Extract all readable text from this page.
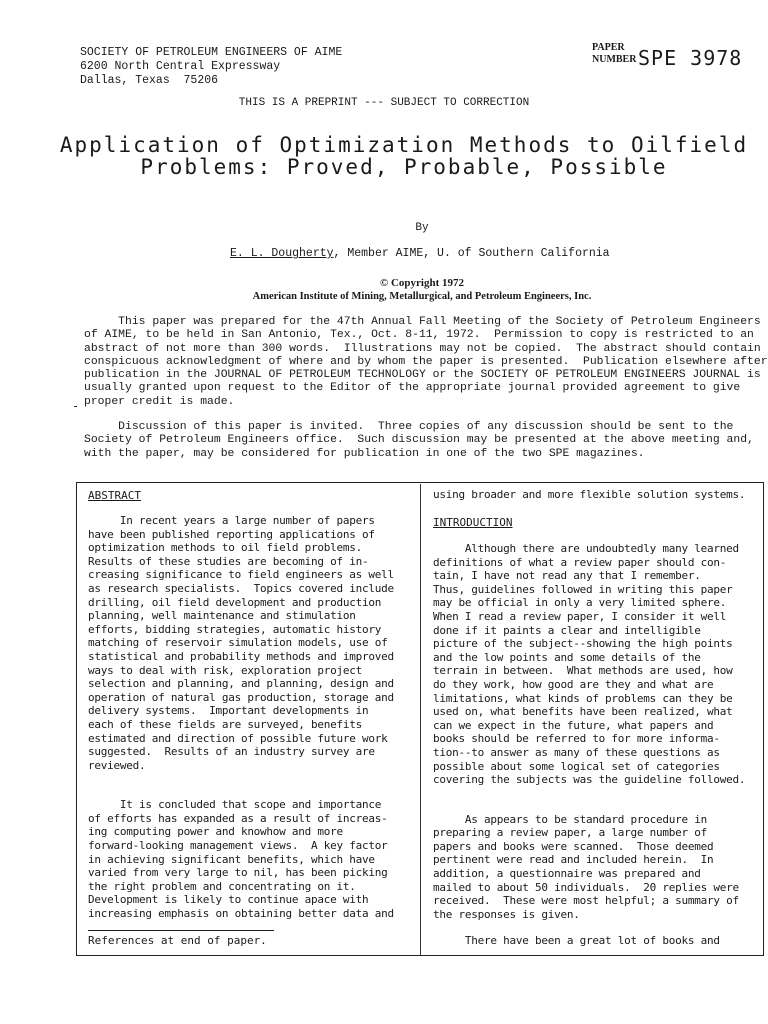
SOCIETY OF PETROLEUM ENGINEERS OF AIME
6200 North Central Expressway
Dallas, Texas  75206
PAPER
NUMBER SPE 3978
THIS IS A PREPRINT --- SUBJECT TO CORRECTION
Application of Optimization Methods to Oilfield
Problems: Proved, Probable, Possible
By
E. L. Dougherty, Member AIME, U. of Southern California
© Copyright 1972
American Institute of Mining, Metallurgical, and Petroleum Engineers, Inc.
This paper was prepared for the 47th Annual Fall Meeting of the Society of Petroleum Engineers
of AIME, to be held in San Antonio, Tex., Oct. 8-11, 1972.  Permission to copy is restricted to an
abstract of not more than 300 words.  Illustrations may not be copied.  The abstract should contain
conspicuous acknowledgment of where and by whom the paper is presented.  Publication elsewhere after
publication in the JOURNAL OF PETROLEUM TECHNOLOGY or the SOCIETY OF PETROLEUM ENGINEERS JOURNAL is
usually granted upon request to the Editor of the appropriate journal provided agreement to give
proper credit is made.
-
Discussion of this paper is invited.  Three copies of any discussion should be sent to the
Society of Petroleum Engineers office.  Such discussion may be presented at the above meeting and,
with the paper, may be considered for publication in one of the two SPE magazines.
ABSTRACT
In recent years a large number of papers
have been published reporting applications of
optimization methods to oil field problems.
Results of these studies are becoming of in-
creasing significance to field engineers as well
as research specialists.  Topics covered include
drilling, oil field development and production
planning, well maintenance and stimulation
efforts, bidding strategies, automatic history
matching of reservoir simulation models, use of
statistical and probability methods and improved
ways to deal with risk, exploration project
selection and planning, and planning, design and
operation of natural gas production, storage and
delivery systems.  Important developments in
each of these fields are surveyed, benefits
estimated and direction of possible future work
suggested.  Results of an industry survey are
reviewed.
It is concluded that scope and importance
of efforts has expanded as a result of increas-
ing computing power and knowhow and more
forward-looking management views.  A key factor
in achieving significant benefits, which have
varied from very large to nil, has been picking
the right problem and concentrating on it.
Development is likely to continue apace with
increasing emphasis on obtaining better data and
References at end of paper.
using broader and more flexible solution systems.
INTRODUCTION
Although there are undoubtedly many learned
definitions of what a review paper should con-
tain, I have not read any that I remember.
Thus, guidelines followed in writing this paper
may be official in only a very limited sphere.
When I read a review paper, I consider it well
done if it paints a clear and intelligible
picture of the subject--showing the high points
and the low points and some details of the
terrain in between.  What methods are used, how
do they work, how good are they and what are
limitations, what kinds of problems can they be
used on, what benefits have been realized, what
can we expect in the future, what papers and
books should be referred to for more informa-
tion--to answer as many of these questions as
possible about some logical set of categories
covering the subjects was the guideline followed.
As appears to be standard procedure in
preparing a review paper, a large number of
papers and books were scanned.  Those deemed
pertinent were read and included herein.  In
addition, a questionnaire was prepared and
mailed to about 50 individuals.  20 replies were
received.  These were most helpful; a summary of
the responses is given.
There have been a great lot of books and
